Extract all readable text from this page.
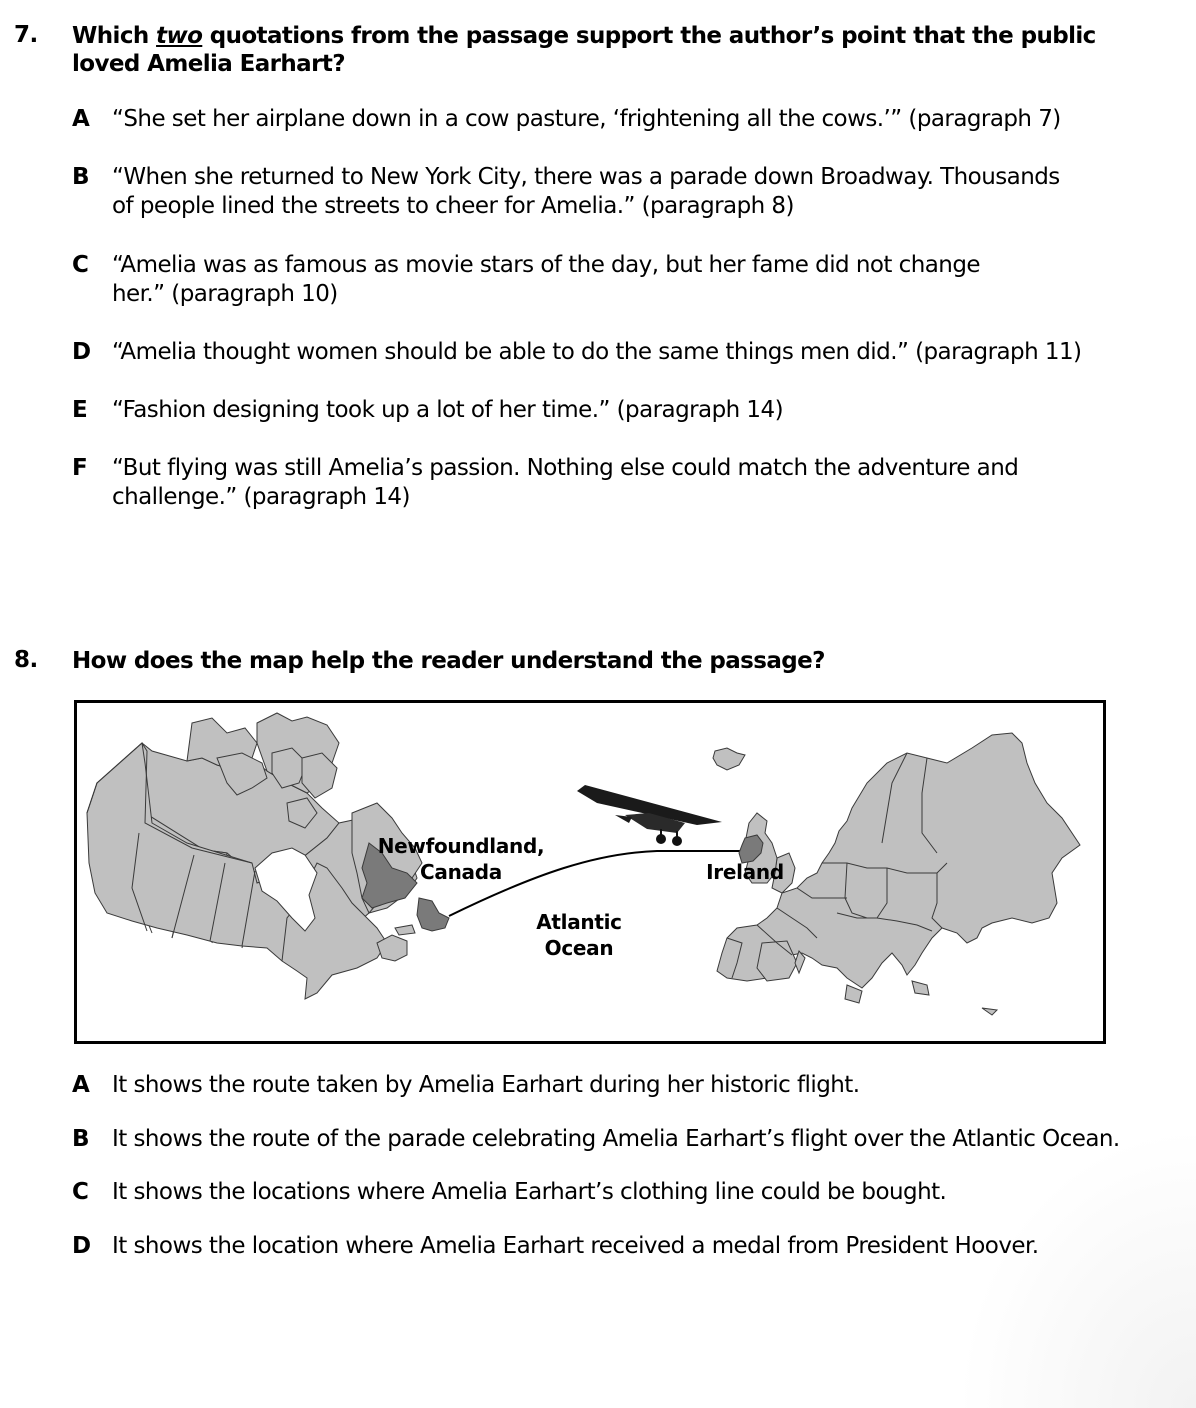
7. Which two quotations from the passage support the author’s point that the public loved Amelia Earhart?
A “She set her airplane down in a cow pasture, ‘frightening all the cows.’” (paragraph 7)
B	“When she returned to New York City, there was a parade down Broadway. Thousands of people lined the streets to cheer for Amelia.” (paragraph 8)
C	“Amelia was as famous as movie stars of the day, but her fame did not change her.” (paragraph 10)
D “Amelia thought women should be able to do the same things men did.” (paragraph 11)
E	“Fashion designing took up a lot of her time.” (paragraph 14)
F	“But flying was still Amelia’s passion. Nothing else could match the adventure and challenge.” (paragraph 14)
8. How does the map help the reader understand the passage?
Newfoundland,
Canada
Atlantic
Ocean
Ireland
A It shows the route taken by Amelia Earhart during her historic flight.
B	It shows the route of the parade celebrating Amelia Earhart’s flight over the Atlantic Ocean.
C	It shows the locations where Amelia Earhart’s clothing line could be bought.
D It shows the location where Amelia Earhart received a medal from President Hoover.
